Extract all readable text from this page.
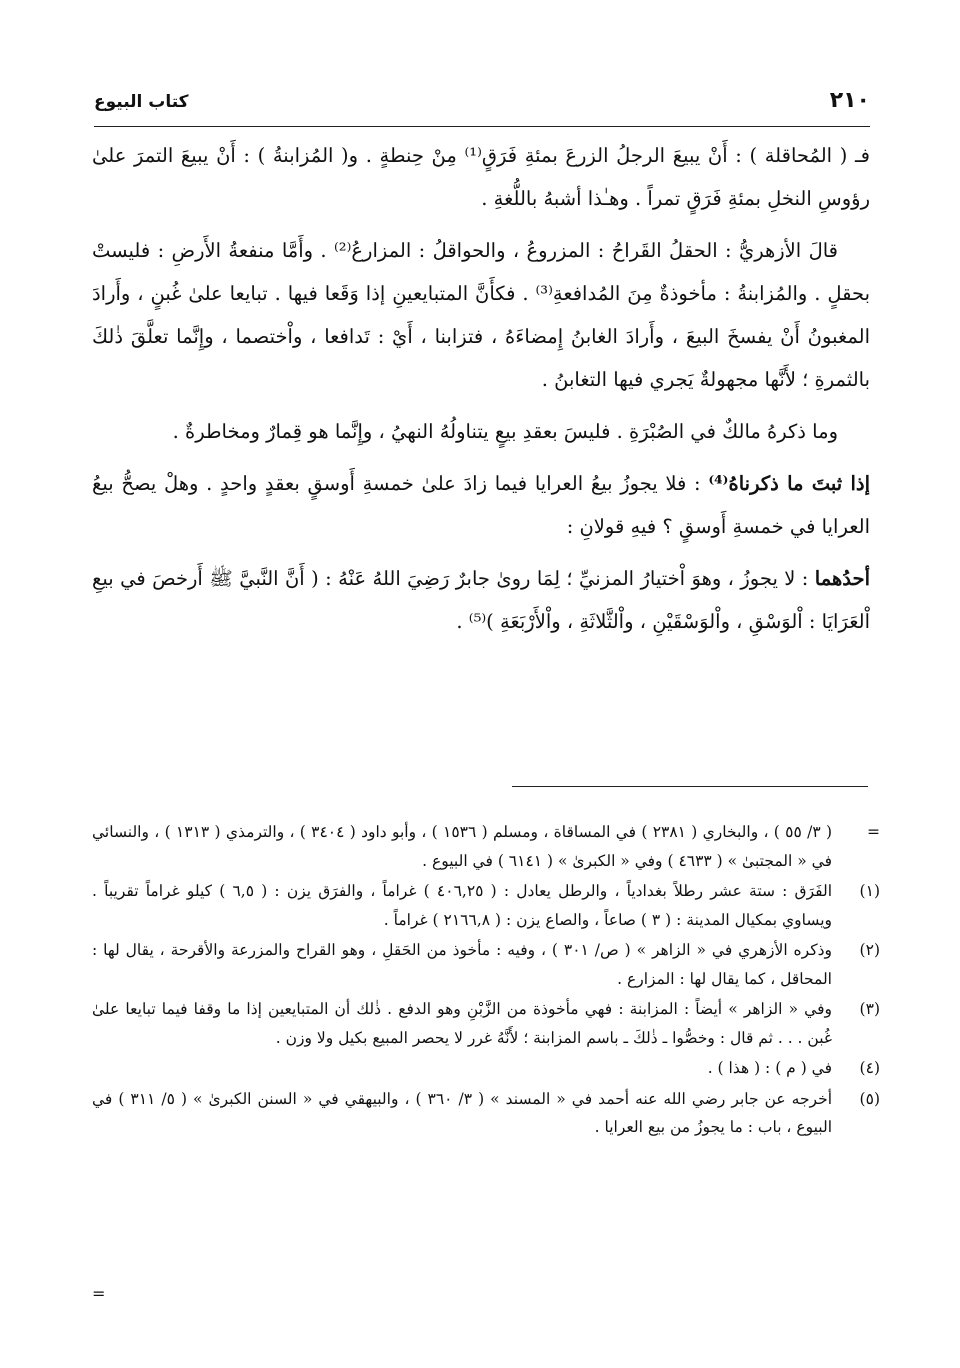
٢١٠
كتاب البيوع

فـ ( المُحاقلة ) : أَنْ يبيعَ الرجلُ الزرعَ بمئةِ فَرَقٍ⁽¹⁾ مِنْ حِنطةٍ . و( المُزابنةُ ) : أَنْ يبيعَ التمرَ علىٰ رؤوسِ النخلِ بمئةِ فَرَقٍ تمراً . وهـٰذا أشبهُ باللُّغةِ .

قالَ الأزهريُّ : الحقلُ القَراحُ : المزروعُ ، والحواقلُ : المزارعُ⁽²⁾ . وأَمَّا منفعةُ الأَرضِ : فليستْ بحقلٍ . والمُزابنةُ : مأخوذةٌ مِنَ المُدافعةِ⁽³⁾ . فكأَنَّ المتبايعينِ إذا وَقَعا فيها . تبايعا علىٰ غُبنٍ ، وأَرادَ المغبونُ أَنْ يفسخَ البيعَ ، وأَرادَ الغابنُ إِمضاءَهُ ، فتزابنا ، أَيْ : تَدافعا ، واْختصما ، وإِنَّما تعلَّقَ ذٰلكَ بالثمرةِ ؛ لأَنَّها مجهولةٌ يَجري فيها التغابنُ .

وما ذكرهُ مالكٌ في الصُبْرَةِ . فليسَ بعقدِ بيعٍ يتناولُهُ النهيُ ، وإِنَّما هو قِمارٌ ومخاطرةٌ .

إذا ثبتَ ما ذكرناهُ⁽⁴⁾ : فلا يجوزُ بيعُ العرايا فيما زادَ علىٰ خمسةِ أَوسقٍ بعقدٍ واحدٍ . وهلْ يصحُّ بيعُ العرايا في خمسةِ أَوسقٍ ؟ فيهِ قولانِ :

أحدُهما : لا يجوزُ ، وهوَ اْختيارُ المزنيِّ ؛ لِمَا روىٰ جابرٌ رَضِيَ اللهُ عَنْهُ : ( أَنَّ النَّبيَّ ﷺ أَرخصَ في بيعِ اْلعَرَايَا : اْلوَسْقِ ، واْلوَسْقَيْنِ ، واْلثَّلاثَةِ ، واْلأَرْبَعَةِ )⁽⁵⁾ .

=
( ٣/ ٥٥ ) ، والبخاري ( ٢٣٨١ ) في المساقاة ، ومسلم ( ١٥٣٦ ) ، وأبو داود ( ٣٤٠٤ ) ، والترمذي ( ١٣١٣ ) ، والنسائي في « المجتبىٰ » ( ٤٦٣٣ ) وفي « الكبرىٰ » ( ٦١٤١ ) في البيوع .
(١)
الفَرَق : ستة عشر رطلاً بغدادياً ، والرطل يعادل : ( ٤٠٦,٢٥ ) غراماً ، والفرَق يزن : ( ٦,٥ ) كيلو غراماً تقريباً . ويساوي بمكيال المدينة : ( ٣ ) صاعاً ، والصاع يزن : ( ٢١٦٦,٨ ) غراماً .
(٢)
وذكره الأزهري في « الزاهر » ( ص/ ٣٠١ ) ، وفيه : مأخوذ من الحَقلِ ، وهو القراح والمزرعة والأقرحة ، يقال لها : المحاقل ، كما يقال لها : المزارع .
(٣)
وفي « الزاهر » أيضاً : المزابنة : فهي مأخوذة من الزَّبْنِ وهو الدفع . ذٰلك أن المتبايعين إذا ما وقفا فيما تبايعا علىٰ غُبن . . . ثم قال : وخصُّوا ـ ذٰلكَ ـ باسم المزابنة ؛ لأَنَّهُ غرر لا يحصر المبيع بكيل ولا وزن .
(٤)
في ( م ) : ( هذا ) .
(٥)
أخرجه عن جابر رضي الله عنه أحمد في « المسند » ( ٣/ ٣٦٠ ) ، والبيهقي في « السنن الكبرىٰ » ( ٥/ ٣١١ ) في البيوع ، باب : ما يجوزُ من بيع العرايا .
=
